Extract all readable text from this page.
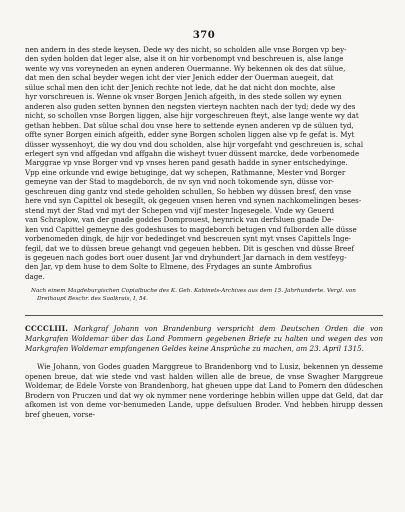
370

nen andern in des stede keysen. Dede wy des nicht, so scholden alle vnse Borgen vp bey-

den syden holden dat leger alse, alse it on hir vorbenompt vnd beschreuen is, alse lange

wente wy vns voreyneden an eynen anderen Ouermanne. Wy bekennen ok des dat süluе,

dat men den schal beyder wegen icht der vier Jenich edder der Ouerman auegeit, dat

süluе schal men den icht der Jenich rechte not lede, dat he dat nicht don mochte, alse

hyr vorschreuen is. Wenne ok vnser Borgen Jenich afgeith, in des stede sollen wy eynen

anderen also guden setten bynnen den negsten vierteyn nachten nach der tyd; dede wy des

nicht, so schollen vnse Borgen liggen, alse hijr vorgeschreuen fteyt, alse lange wente wy dat

gethan hebben. Dat süluе schal dou vnse here to settende eynen anderen vp de süluen tyd,

offte syner Borgen einich afgeith, edder syne Borgen scholen liggen alse vp fe gefat is. Myt

düsser wyssenhoyt, die wy dou vnd dou scholden, alse hijr vorgefaht vnd geschreuen is, schal

erlegert syn vnd affgedan vnd affgahn die wisheyt tvuer düssent marcke, dede vorbenomede

Marggrae vp vnse Borger vnd vp vnses heren pand gesath hadde in syner entschedyinge.

Vpp eine orkunde vnd ewige betuginge, dat wy schepen, Rathmanne, Mester vnd Borger

gemeyne van der Stad to magdeborch, de nv syn vnd noch tokomende syn, düsse vor-

geschreuen ding gantz vnd stede geholden schullen, So hebben wy düssen bresf, den vnse

here vnd syn Capittel ok besegilt, ok gegeuen vnsen heren vnd synen nachkomelingen beses-

stend myt der Stad vnd myt der Schepen vnd vijf mester Ingesegele. Vnde wy Geuerd

van Schraplow, van der gnade goddes Domprouest, heynrick van derfsluen gnade De-

ken vnd Capittel gemeyne des godeshuses to magdeborch betugen vnd fulborden alle düsse

vorbenomeden dingk, de hijr vor bededinget vnd bescreuen synt myt vnses Capittels Inge-

fegil, dat we to düssen breue gehangt vnd gegeuen hebben. Dit is geschen vnd düsse Breef

is gegeuen nach godes bort ouer dusent Jar vnd dryhundert Jar darnach in dem vestfeyg-

den Jar, vp dem huse to dem Solte to Elmene, des Frydages an sunte Ambrofius

dage.

Nach einem Magdeburgischen Copialbuche des K. Geh. Kabinets-Archives aus dem 15. Jahrhunderte. Vergl. von Dreihaupt Beschr. des Saalkrais, I, 54.
CCCCLIII. Markgraf Johann von Brandenburg verspricht dem Deutschen Orden die von Markgrafen Woldemar über das Land Pommern gegebenen Briefe zu halten und wegen des von Markgrafen Woldemar empfangenen Geldes keine Ansprüche zu machen, am 23. April 1315.
Wie Johann, von Godes guaden Marggreue to Brandenborg vnd to Lusiz, bekennen yn desseme openen breue, dat wie stede vnd vast halden willen alle de breue, de vnse Swagher Marggreue Woldemar, de Edele Vorste von Brandenborg, hat gheuen uppe dat Land to Pomern den düdeschen Brodern von Pruczen und dat wy ok nymmer nene vorderinge hebbin willen uppe dat Geld, dat dar afkomen ist von deme vor-benumeden Lande, uppe defsuluen Broder. Vnd hebben hirupp dessen bref gheuen, vorse-
